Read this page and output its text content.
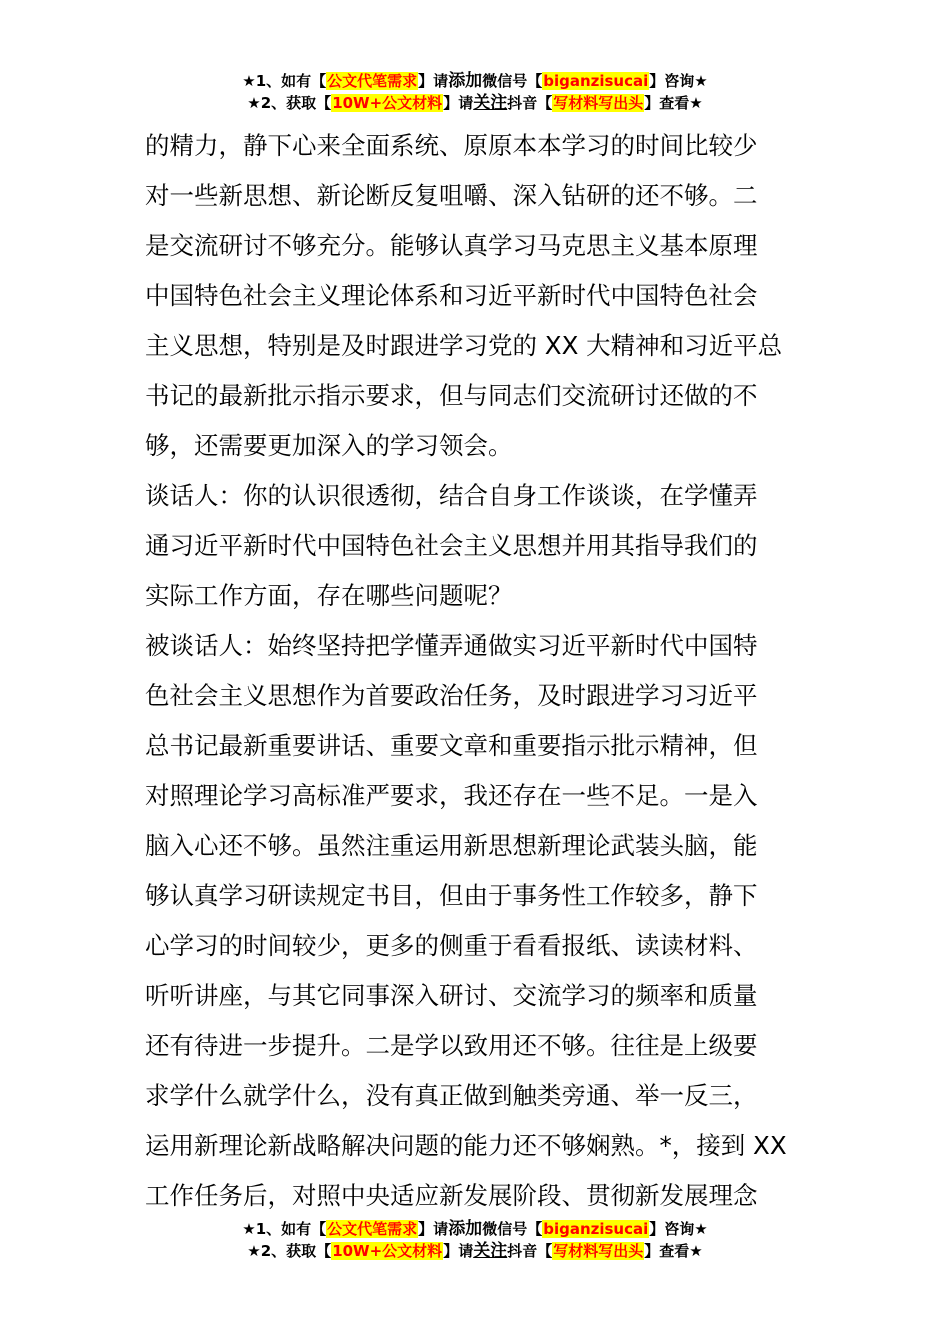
★1、如有【公文代笔需求】请添加微信号【biganzisucai】咨询★
★2、获取【10W+公文材料】请关注抖音【写材料写出头】查看★
的精力，静下心来全面系统、原原本本学习的时间比较少
对一些新思想、新论断反复咀嚼、深入钻研的还不够。二
是交流研讨不够充分。能够认真学习马克思主义基本原理
中国特色社会主义理论体系和习近平新时代中国特色社会
主义思想，特别是及时跟进学习党的 XX 大精神和习近平总
书记的最新批示指示要求，但与同志们交流研讨还做的不
够，还需要更加深入的学习领会。
谈话人：你的认识很透彻，结合自身工作谈谈，在学懂弄
通习近平新时代中国特色社会主义思想并用其指导我们的
实际工作方面，存在哪些问题呢？
被谈话人：始终坚持把学懂弄通做实习近平新时代中国特
色社会主义思想作为首要政治任务，及时跟进学习习近平
总书记最新重要讲话、重要文章和重要指示批示精神，但
对照理论学习高标准严要求，我还存在一些不足。一是入
脑入心还不够。虽然注重运用新思想新理论武装头脑，能
够认真学习研读规定书目，但由于事务性工作较多，静下
心学习的时间较少，更多的侧重于看看报纸、读读材料、
听听讲座，与其它同事深入研讨、交流学习的频率和质量
还有待进一步提升。二是学以致用还不够。往往是上级要
求学什么就学什么，没有真正做到触类旁通、举一反三，
运用新理论新战略解决问题的能力还不够娴熟。*，接到 XX
工作任务后，对照中央适应新发展阶段、贯彻新发展理念
★1、如有【公文代笔需求】请添加微信号【biganzisucai】咨询★
★2、获取【10W+公文材料】请关注抖音【写材料写出头】查看★
